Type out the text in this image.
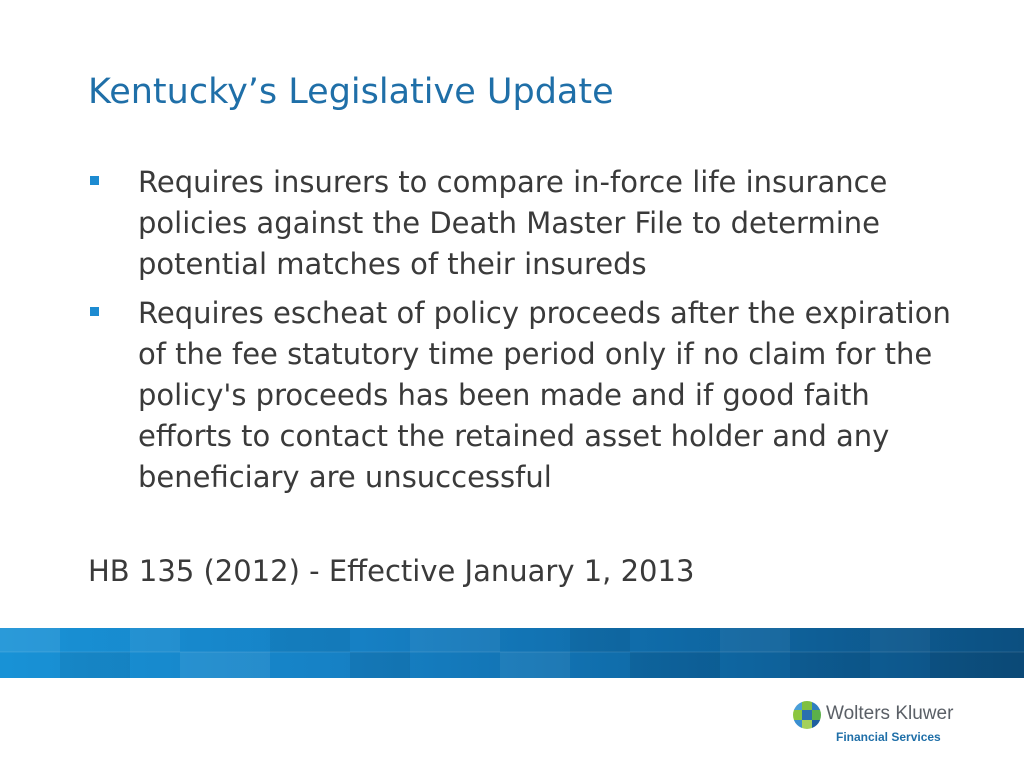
Kentucky’s Legislative Update
Requires insurers to compare in-force life insurance policies against the Death Master File to determine potential matches of their insureds
Requires escheat of policy proceeds after the expiration of the fee statutory time period only if no claim for the policy's proceeds has been made and if good faith efforts to contact the retained asset holder and any beneficiary are unsuccessful
HB 135 (2012) - Effective January 1, 2013
Wolters Kluwer
Financial Services
